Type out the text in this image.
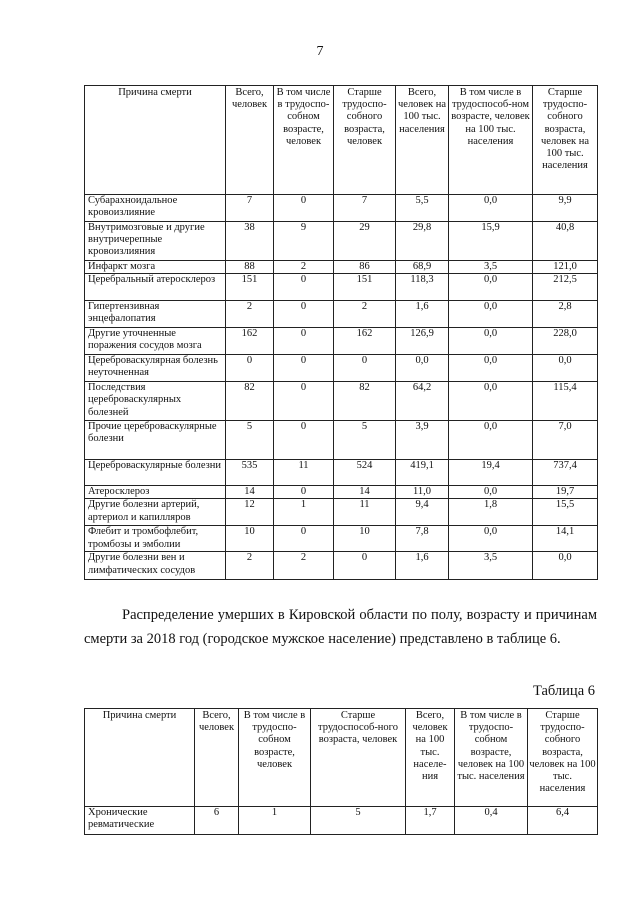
7
Причина смерти	Всего, человек	В том числе в трудоспо-собном возрасте, человек	Старше трудоспо-собного возраста, человек	Всего, человек на 100 тыс. населения	В том числе в трудоспособ-ном возрасте, человек на 100 тыс. населения	Старше трудоспо-собного возраста, человек на 100 тыс. населения
Субарахноидальное кровоизлияние	7	0	7	5,5	0,0	9,9
Внутримозговые и другие внутричерепные кровоизлияния	38	9	29	29,8	15,9	40,8
Инфаркт мозга	88	2	86	68,9	3,5	121,0
Церебральный атеросклероз	151	0	151	118,3	0,0	212,5
Гипертензивная энцефалопатия	2	0	2	1,6	0,0	2,8
Другие уточненные поражения сосудов мозга	162	0	162	126,9	0,0	228,0
Цереброваскулярная болезнь неуточненная	0	0	0	0,0	0,0	0,0
Последствия цереброваскулярных болезней	82	0	82	64,2	0,0	115,4
Прочие цереброваскулярные болезни	5	0	5	3,9	0,0	7,0
Цереброваскулярные болезни	535	11	524	419,1	19,4	737,4
Атеросклероз	14	0	14	11,0	0,0	19,7
Другие болезни артерий, артериол и капилляров	12	1	11	9,4	1,8	15,5
Флебит и тромбофлебит, тромбозы и эмболии	10	0	10	7,8	0,0	14,1
Другие болезни вен и лимфатических сосудов	2	2	0	1,6	3,5	0,0

Распределение умерших в Кировской области по полу, возрасту и причинам смерти за 2018 год (городское мужское население) представлено в таблице 6.

Таблица 6
Причина смерти	Всего, человек	В том числе в трудоспо-собном возрасте, человек	Старше трудоспособ-ного возраста, человек	Всего, человек на 100 тыс. населе-ния	В том числе в трудоспо-собном возрасте, человек на 100 тыс. населения	Старше трудоспо-собного возраста, человек на 100 тыс. населения
Хронические ревматические	6	1	5	1,7	0,4	6,4
